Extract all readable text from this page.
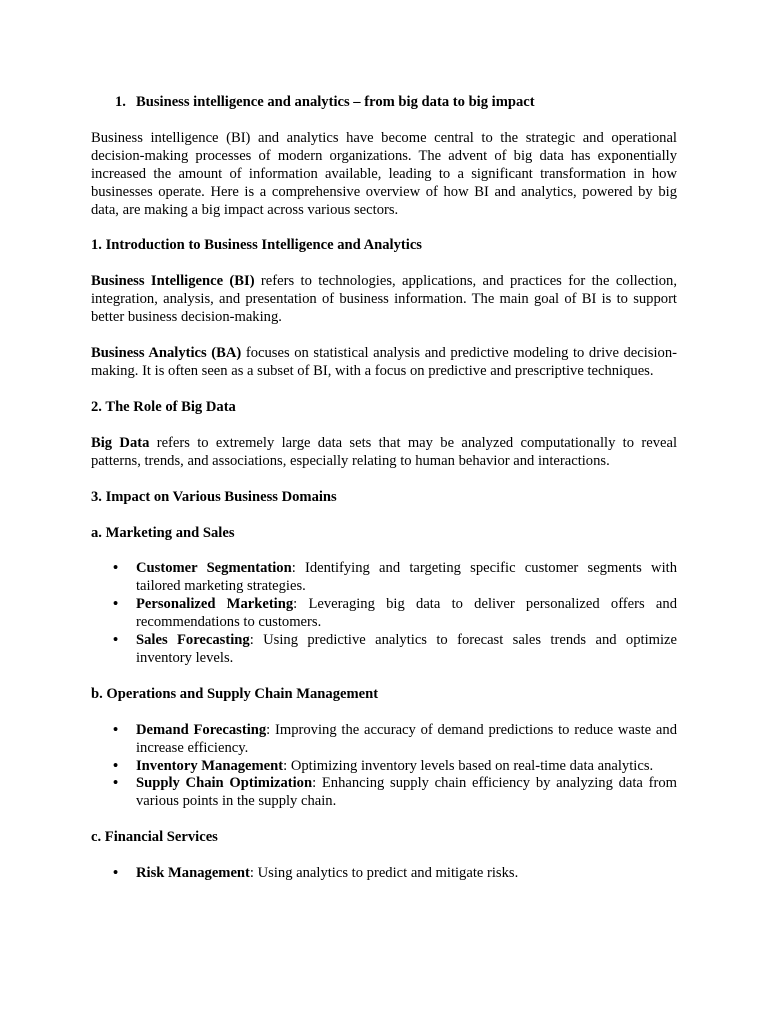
1. Business intelligence and analytics – from big data to big impact

Business intelligence (BI) and analytics have become central to the strategic and operational decision-making processes of modern organizations. The advent of big data has exponentially increased the amount of information available, leading to a significant transformation in how businesses operate. Here is a comprehensive overview of how BI and analytics, powered by big data, are making a big impact across various sectors.

1. Introduction to Business Intelligence and Analytics

Business Intelligence (BI) refers to technologies, applications, and practices for the collection, integration, analysis, and presentation of business information. The main goal of BI is to support better business decision-making.

Business Analytics (BA) focuses on statistical analysis and predictive modeling to drive decision-making. It is often seen as a subset of BI, with a focus on predictive and prescriptive techniques.

2. The Role of Big Data

Big Data refers to extremely large data sets that may be analyzed computationally to reveal patterns, trends, and associations, especially relating to human behavior and interactions.

3. Impact on Various Business Domains
a. Marketing and Sales
• Customer Segmentation: Identifying and targeting specific customer segments with tailored marketing strategies.
• Personalized Marketing: Leveraging big data to deliver personalized offers and recommendations to customers.
• Sales Forecasting: Using predictive analytics to forecast sales trends and optimize inventory levels.
b. Operations and Supply Chain Management
• Demand Forecasting: Improving the accuracy of demand predictions to reduce waste and increase efficiency.
• Inventory Management: Optimizing inventory levels based on real-time data analytics.
• Supply Chain Optimization: Enhancing supply chain efficiency by analyzing data from various points in the supply chain.
c. Financial Services
• Risk Management: Using analytics to predict and mitigate risks.
